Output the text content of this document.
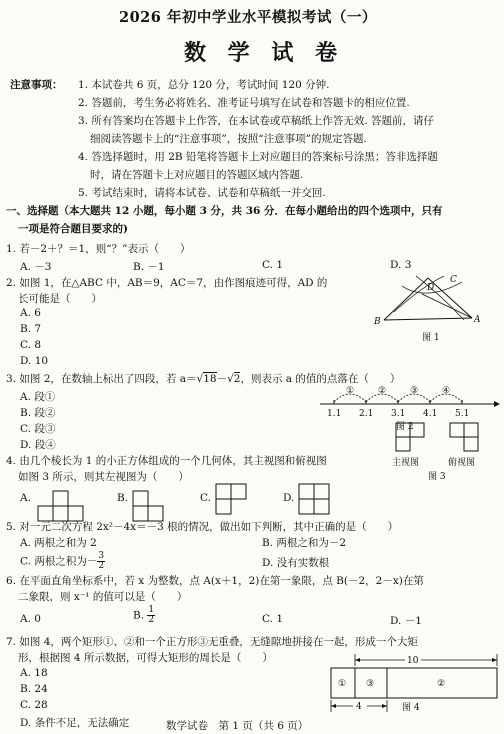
2026 年初中学业水平模拟考试（一）
数 学 试 卷
注意事项： 1. 本试卷共 6 页，总分 120 分，考试时间 120 分钟.
2. 答题前，考生务必将姓名、准考证号填写在试卷和答题卡的相应位置.
3. 所有答案均在答题卡上作答，在本试卷或草稿纸上作答无效. 答题前，请仔
细阅读答题卡上的“注意事项”，按照“注意事项”的规定答题.
4. 答选择题时，用 2B 铅笔将答题卡上对应题目的答案标号涂黑；答非选择题
时，请在答题卡上对应题目的答题区域内答题.
5. 考试结束时，请将本试卷、试卷和草稿纸一并交回.
一、选择题（本大题共 12 小题，每小题 3 分，共 36 分．在每小题给出的四个选项中，只有
一项是符合题目要求的)
1. 若－2＋？＝1，则“？”表示（　　）
A. －3	B. －1	C. 1	D. 3
2. 如图 1，在△ABC 中，AB＝9，AC＝7，由作图痕迹可得，AD 的
长可能是（　　）
A. 6
B. 7
C. 8
D. 10
B	A
C
D
图 1
3. 如图 2，在数轴上标出了四段，若 a＝√18－√2，则表示 a 的值的点落在（　　）
A. 段①
B. 段②
C. 段③
D. 段④
①	②	③	④
1.1 2.1 3.1 4.1 5.1
图 2
4. 由几个棱长为 1 的小正方体组成的一个几何体，其主视图和俯视图
如图 3 所示，则其左视图为（　　）
A.	B.	C.	D.
主视图	俯视图
图 3
5. 对一元二次方程 2x²－4x＝－3 根的情况，做出如下判断，其中正确的是（　　）
A. 两根之和为 2	B. 两根之和为－2
C. 两根之积为－ $\frac{3}{2}$	D. 没有实数根
6. 在平面直角坐标系中，若 x 为整数，点 A(x＋1，2)在第一象限，点 B(－2，2－x)在第
二象限，则 x⁻¹ 的值可以是（　　）
A. 0	B. $\frac{1}{2}$	C. 1	D. －1
7. 如图 4，两个矩形①、②和一个正方形③无重叠，无缝隙地拼接在一起，形成一个大矩
形，根据图 4 所示数据，可得大矩形的周长是（　　）
A. 18
B. 24
C. 28
D. 条件不足，无法确定
10
① ③	②
4	图 4
数学试卷　第 1 页（共 6 页）
